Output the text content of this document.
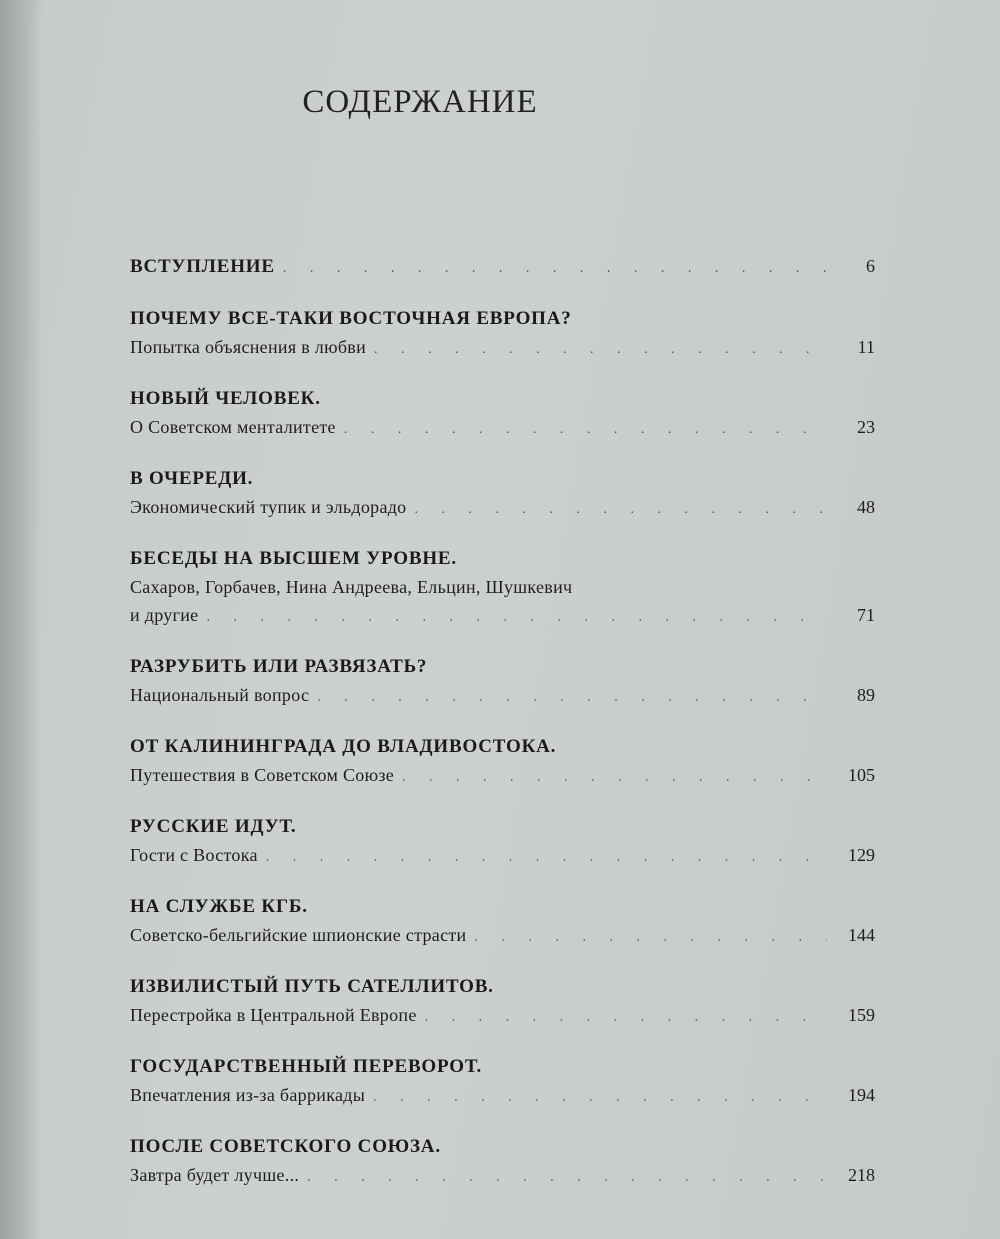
СОДЕРЖАНИЕ
ВСТУПЛЕНИЕ . . .	6
ПОЧЕМУ ВСЕ-ТАКИ ВОСТОЧНАЯ ЕВРОПА?
Попытка объяснения в любви . . .	11
НОВЫЙ ЧЕЛОВЕК.
О Советском менталитете . . .	23
В ОЧЕРЕДИ.
Экономический тупик и эльдорадо . . .	48
БЕСЕДЫ НА ВЫСШЕМ УРОВНЕ.
Сахаров, Горбачев, Нина Андреева, Ельцин, Шушкевич
и другие . . .	71
РАЗРУБИТЬ ИЛИ РАЗВЯЗАТЬ?
Национальный вопрос . . .	89
ОТ КАЛИНИНГРАДА ДО ВЛАДИВОСТОКА.
Путешествия в Советском Союзе . . .	105
РУССКИЕ ИДУТ.
Гости с Востока . . .	129
НА СЛУЖБЕ КГБ.
Советско-бельгийские шпионские страсти . . .	144
ИЗВИЛИСТЫЙ ПУТЬ САТЕЛЛИТОВ.
Перестройка в Центральной Европе . . .	159
ГОСУДАРСТВЕННЫЙ ПЕРЕВОРОТ.
Впечатления из-за баррикады . . .	194
ПОСЛЕ СОВЕТСКОГО СОЮЗА.
Завтра будет лучше... . . .	218
